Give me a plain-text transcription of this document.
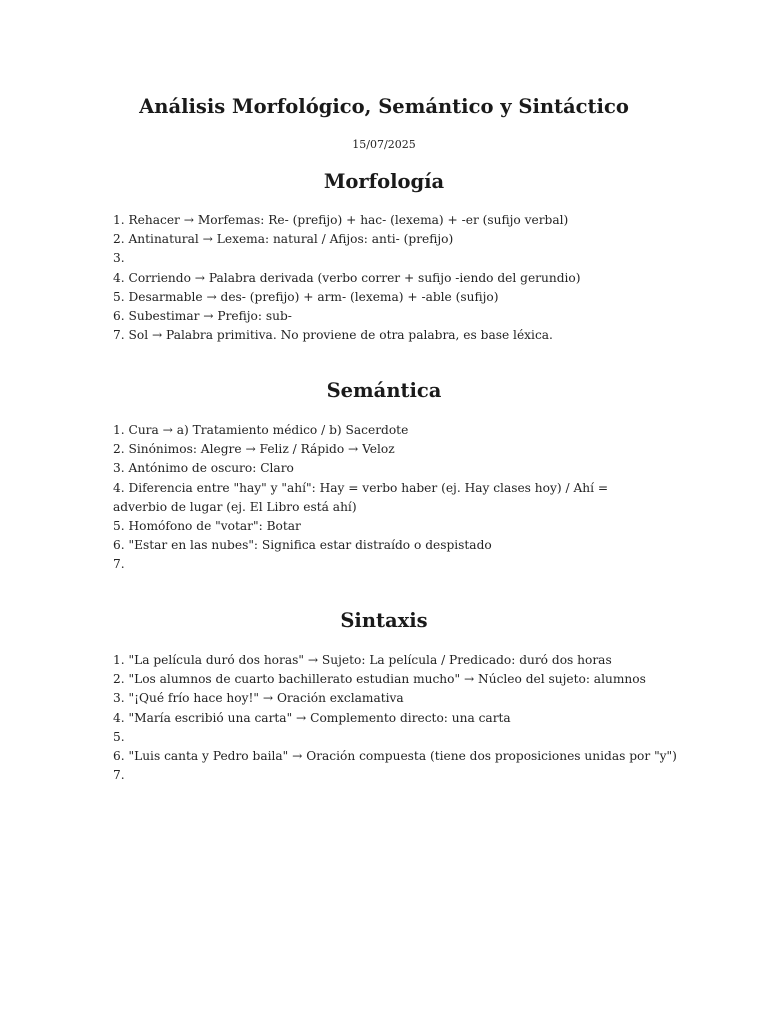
Análisis Morfológico, Semántico y Sintáctico
15/07/2025
Morfología
1. Rehacer → Morfemas: Re- (prefijo) + hac- (lexema) + -er (sufijo verbal)
2. Antinatural → Lexema: natural / Afijos: anti- (prefijo)
3.
4. Corriendo → Palabra derivada (verbo correr + sufijo -iendo del gerundio)
5. Desarmable → des- (prefijo) + arm- (lexema) + -able (sufijo)
6. Subestimar → Prefijo: sub-
7. Sol → Palabra primitiva. No proviene de otra palabra, es base léxica.
Semántica
1. Cura → a) Tratamiento médico / b) Sacerdote
2. Sinónimos: Alegre → Feliz / Rápido → Veloz
3. Antónimo de oscuro: Claro
4. Diferencia entre "hay" y "ahí": Hay = verbo haber (ej. Hay clases hoy) / Ahí = adverbio de lugar (ej. El Libro está ahí)
5. Homófono de "votar": Botar
6. "Estar en las nubes": Significa estar distraído o despistado
7.
Sintaxis
1. "La película duró dos horas" → Sujeto: La película / Predicado: duró dos horas
2. "Los alumnos de cuarto bachillerato estudian mucho" → Núcleo del sujeto: alumnos
3. "¡Qué frío hace hoy!" → Oración exclamativa
4. "María escribió una carta" → Complemento directo: una carta
5.
6. "Luis canta y Pedro baila" → Oración compuesta (tiene dos proposiciones unidas por "y")
7.
